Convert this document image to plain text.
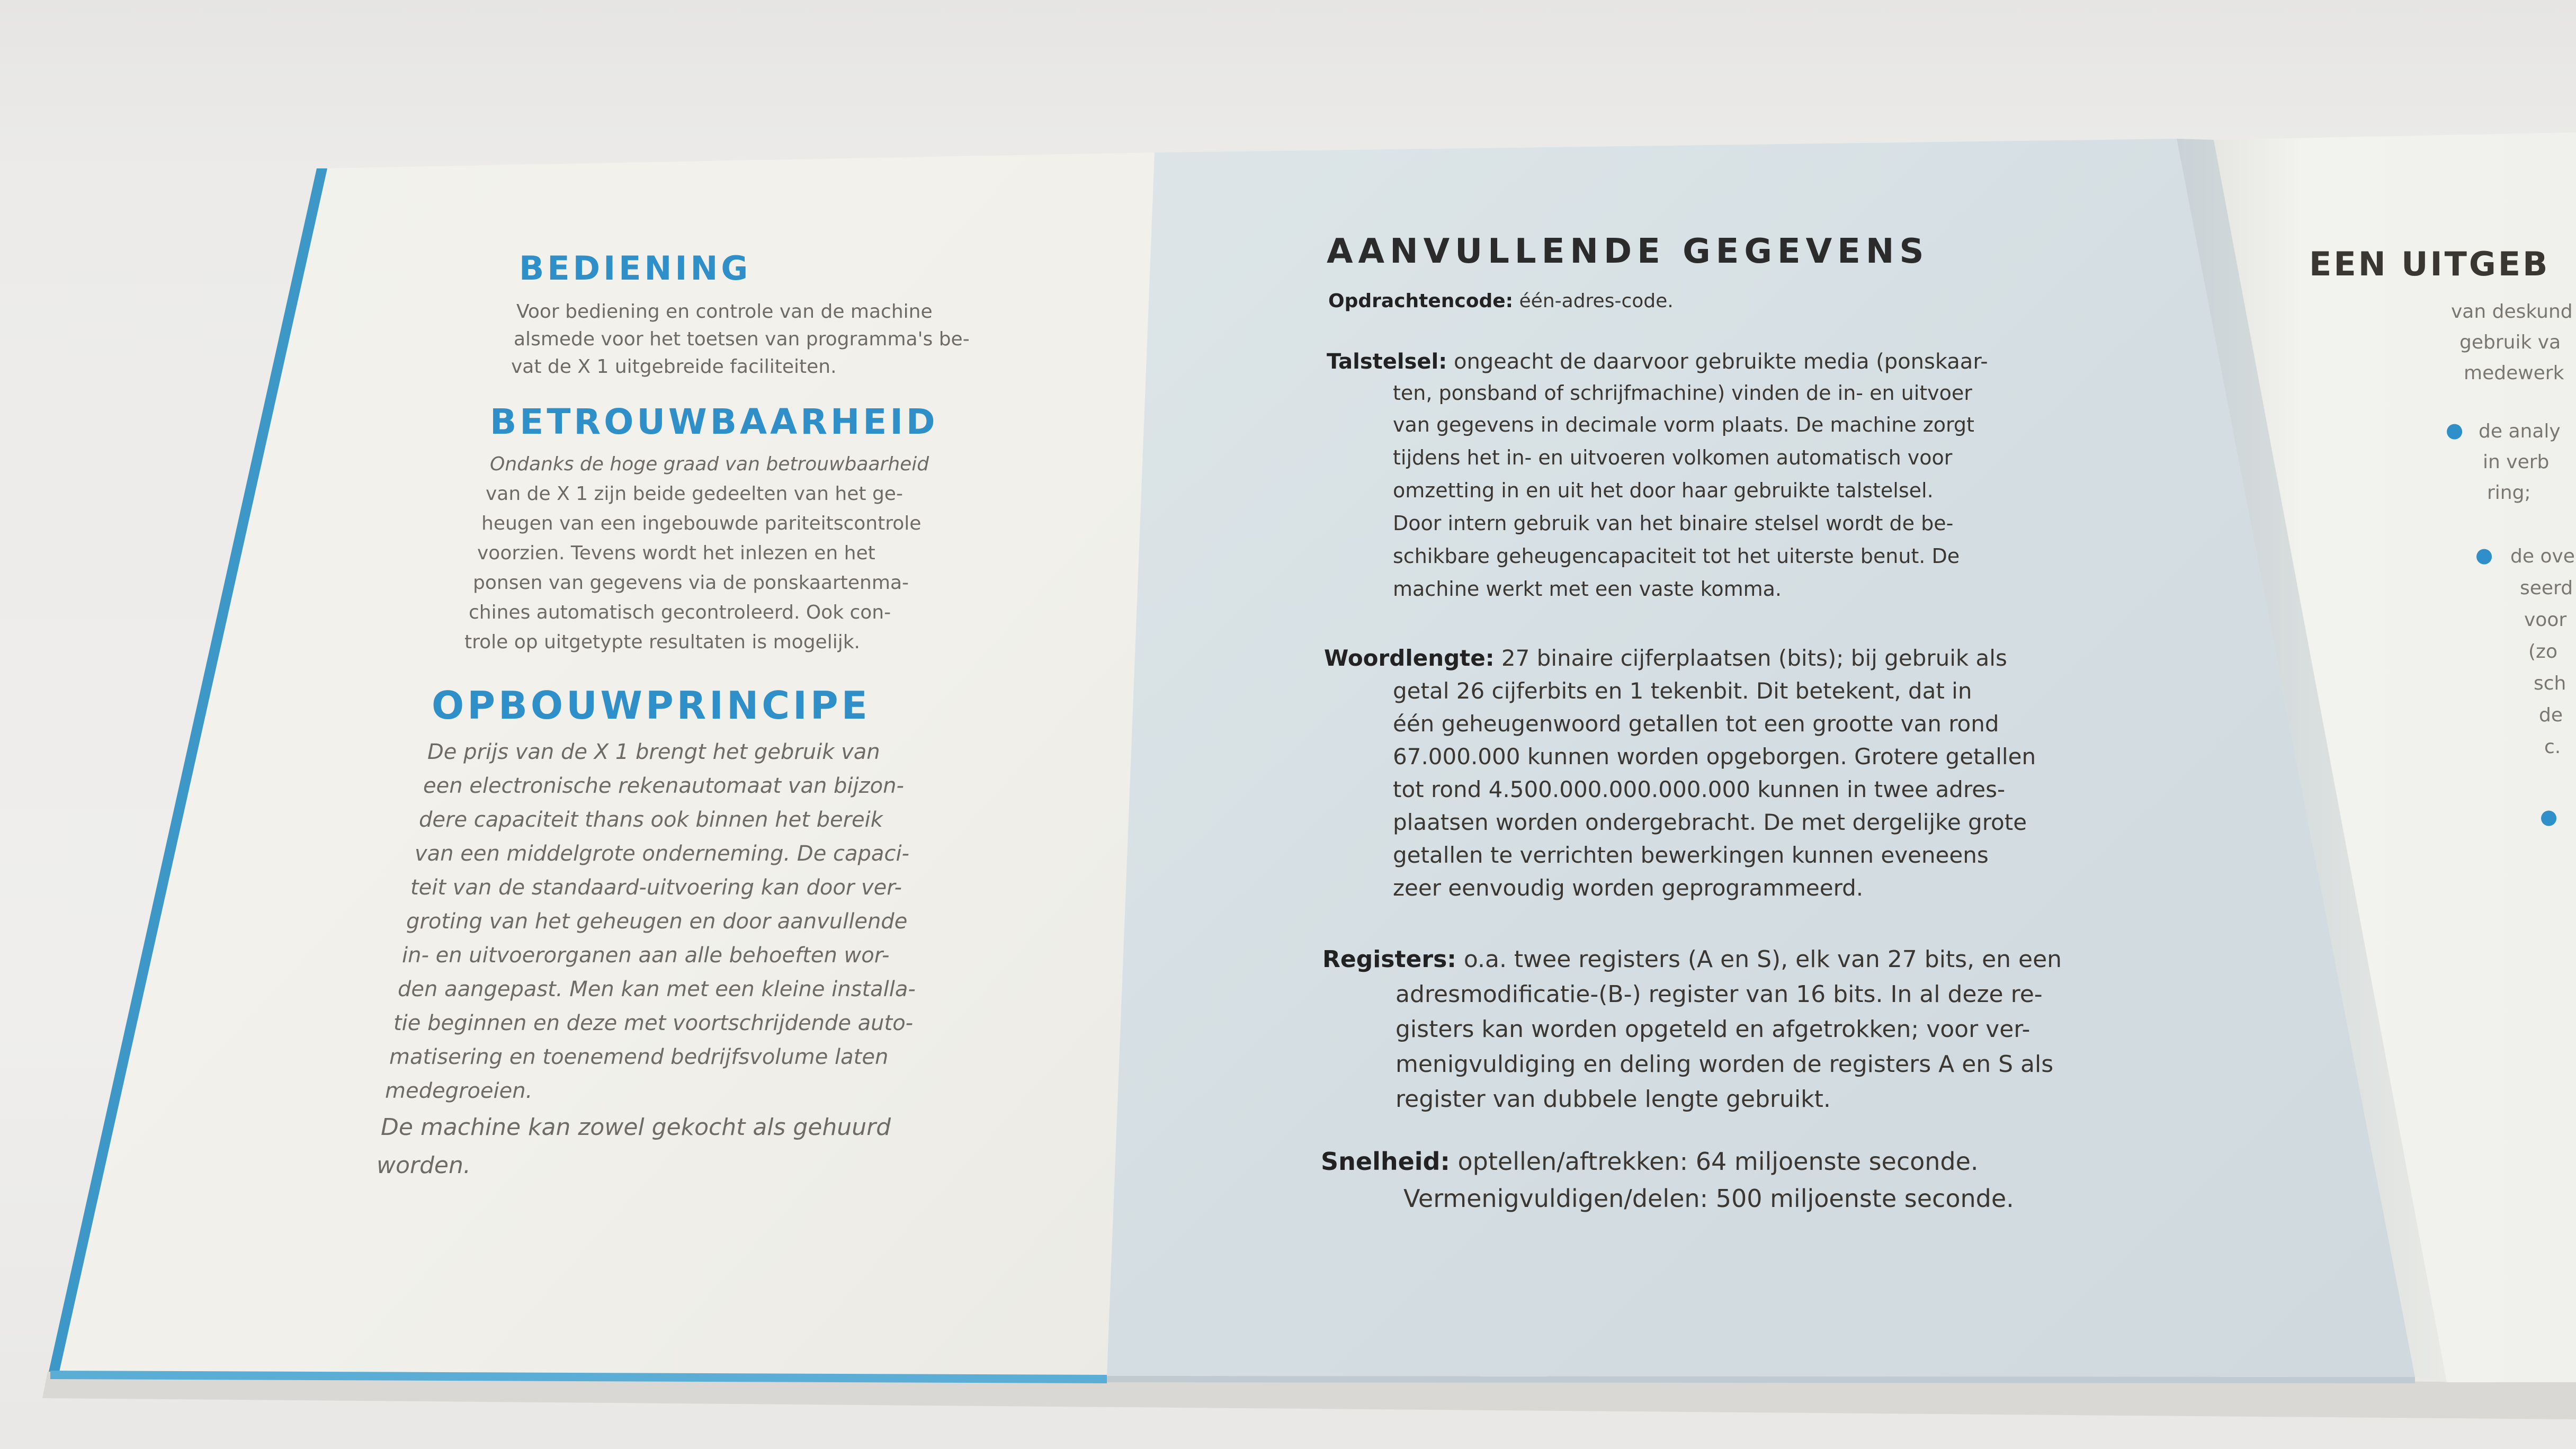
BEDIENING

Voor bediening en controle van de machine

alsmede voor het toetsen van programma's be-

vat de X 1 uitgebreide faciliteiten.

BETROUWBAARHEID

Ondanks de hoge graad van betrouwbaarheid

van de X 1 zijn beide gedeelten van het ge-

heugen van een ingebouwde pariteitscontrole

voorzien. Tevens wordt het inlezen en het

ponsen van gegevens via de ponskaartenma-

chines automatisch gecontroleerd. Ook con-

trole op uitgetypte resultaten is mogelijk.

OPBOUWPRINCIPE

De prijs van de X 1 brengt het gebruik van

een electronische rekenautomaat van bijzon-

dere capaciteit thans ook binnen het bereik

van een middelgrote onderneming. De capaci-

teit van de standaard-uitvoering kan door ver-

groting van het geheugen en door aanvullende

in- en uitvoerorganen aan alle behoeften wor-

den aangepast. Men kan met een kleine installa-

tie beginnen en deze met voortschrijdende auto-

matisering en toenemend bedrijfsvolume laten

medegroeien.

De machine kan zowel gekocht als gehuurd

worden.

AANVULLENDE GEGEVENS
Opdrachtencode: één-adres-code.
Talstelsel: ongeacht de daarvoor gebruikte media (ponskaar-
ten, ponsband of schrijfmachine) vinden de in- en uitvoer
van gegevens in decimale vorm plaats. De machine zorgt
tijdens het in- en uitvoeren volkomen automatisch voor
omzetting in en uit het door haar gebruikte talstelsel.
Door intern gebruik van het binaire stelsel wordt de be-
schikbare geheugencapaciteit tot het uiterste benut. De
machine werkt met een vaste komma.
Woordlengte: 27 binaire cijferplaatsen (bits); bij gebruik als
getal 26 cijferbits en 1 tekenbit. Dit betekent, dat in
één geheugenwoord getallen tot een grootte van rond
67.000.000 kunnen worden opgeborgen. Grotere getallen
tot rond 4.500.000.000.000.000 kunnen in twee adres-
plaatsen worden ondergebracht. De met dergelijke grote
getallen te verrichten bewerkingen kunnen eveneens
zeer eenvoudig worden geprogrammeerd.
Registers: o.a. twee registers (A en S), elk van 27 bits, en een
adresmodificatie-(B-) register van 16 bits. In al deze re-
gisters kan worden opgeteld en afgetrokken; voor ver-
menigvuldiging en deling worden de registers A en S als
register van dubbele lengte gebruikt.
Snelheid: optellen/aftrekken: 64 miljoenste seconde.
Vermenigvuldigen/delen: 500 miljoenste seconde.
EEN UITGEB
van deskund
gebruik va
medewerk
● de analy
in verb
ring;
● de ove
seerd
voor
(zo
sch
de
c.
●
